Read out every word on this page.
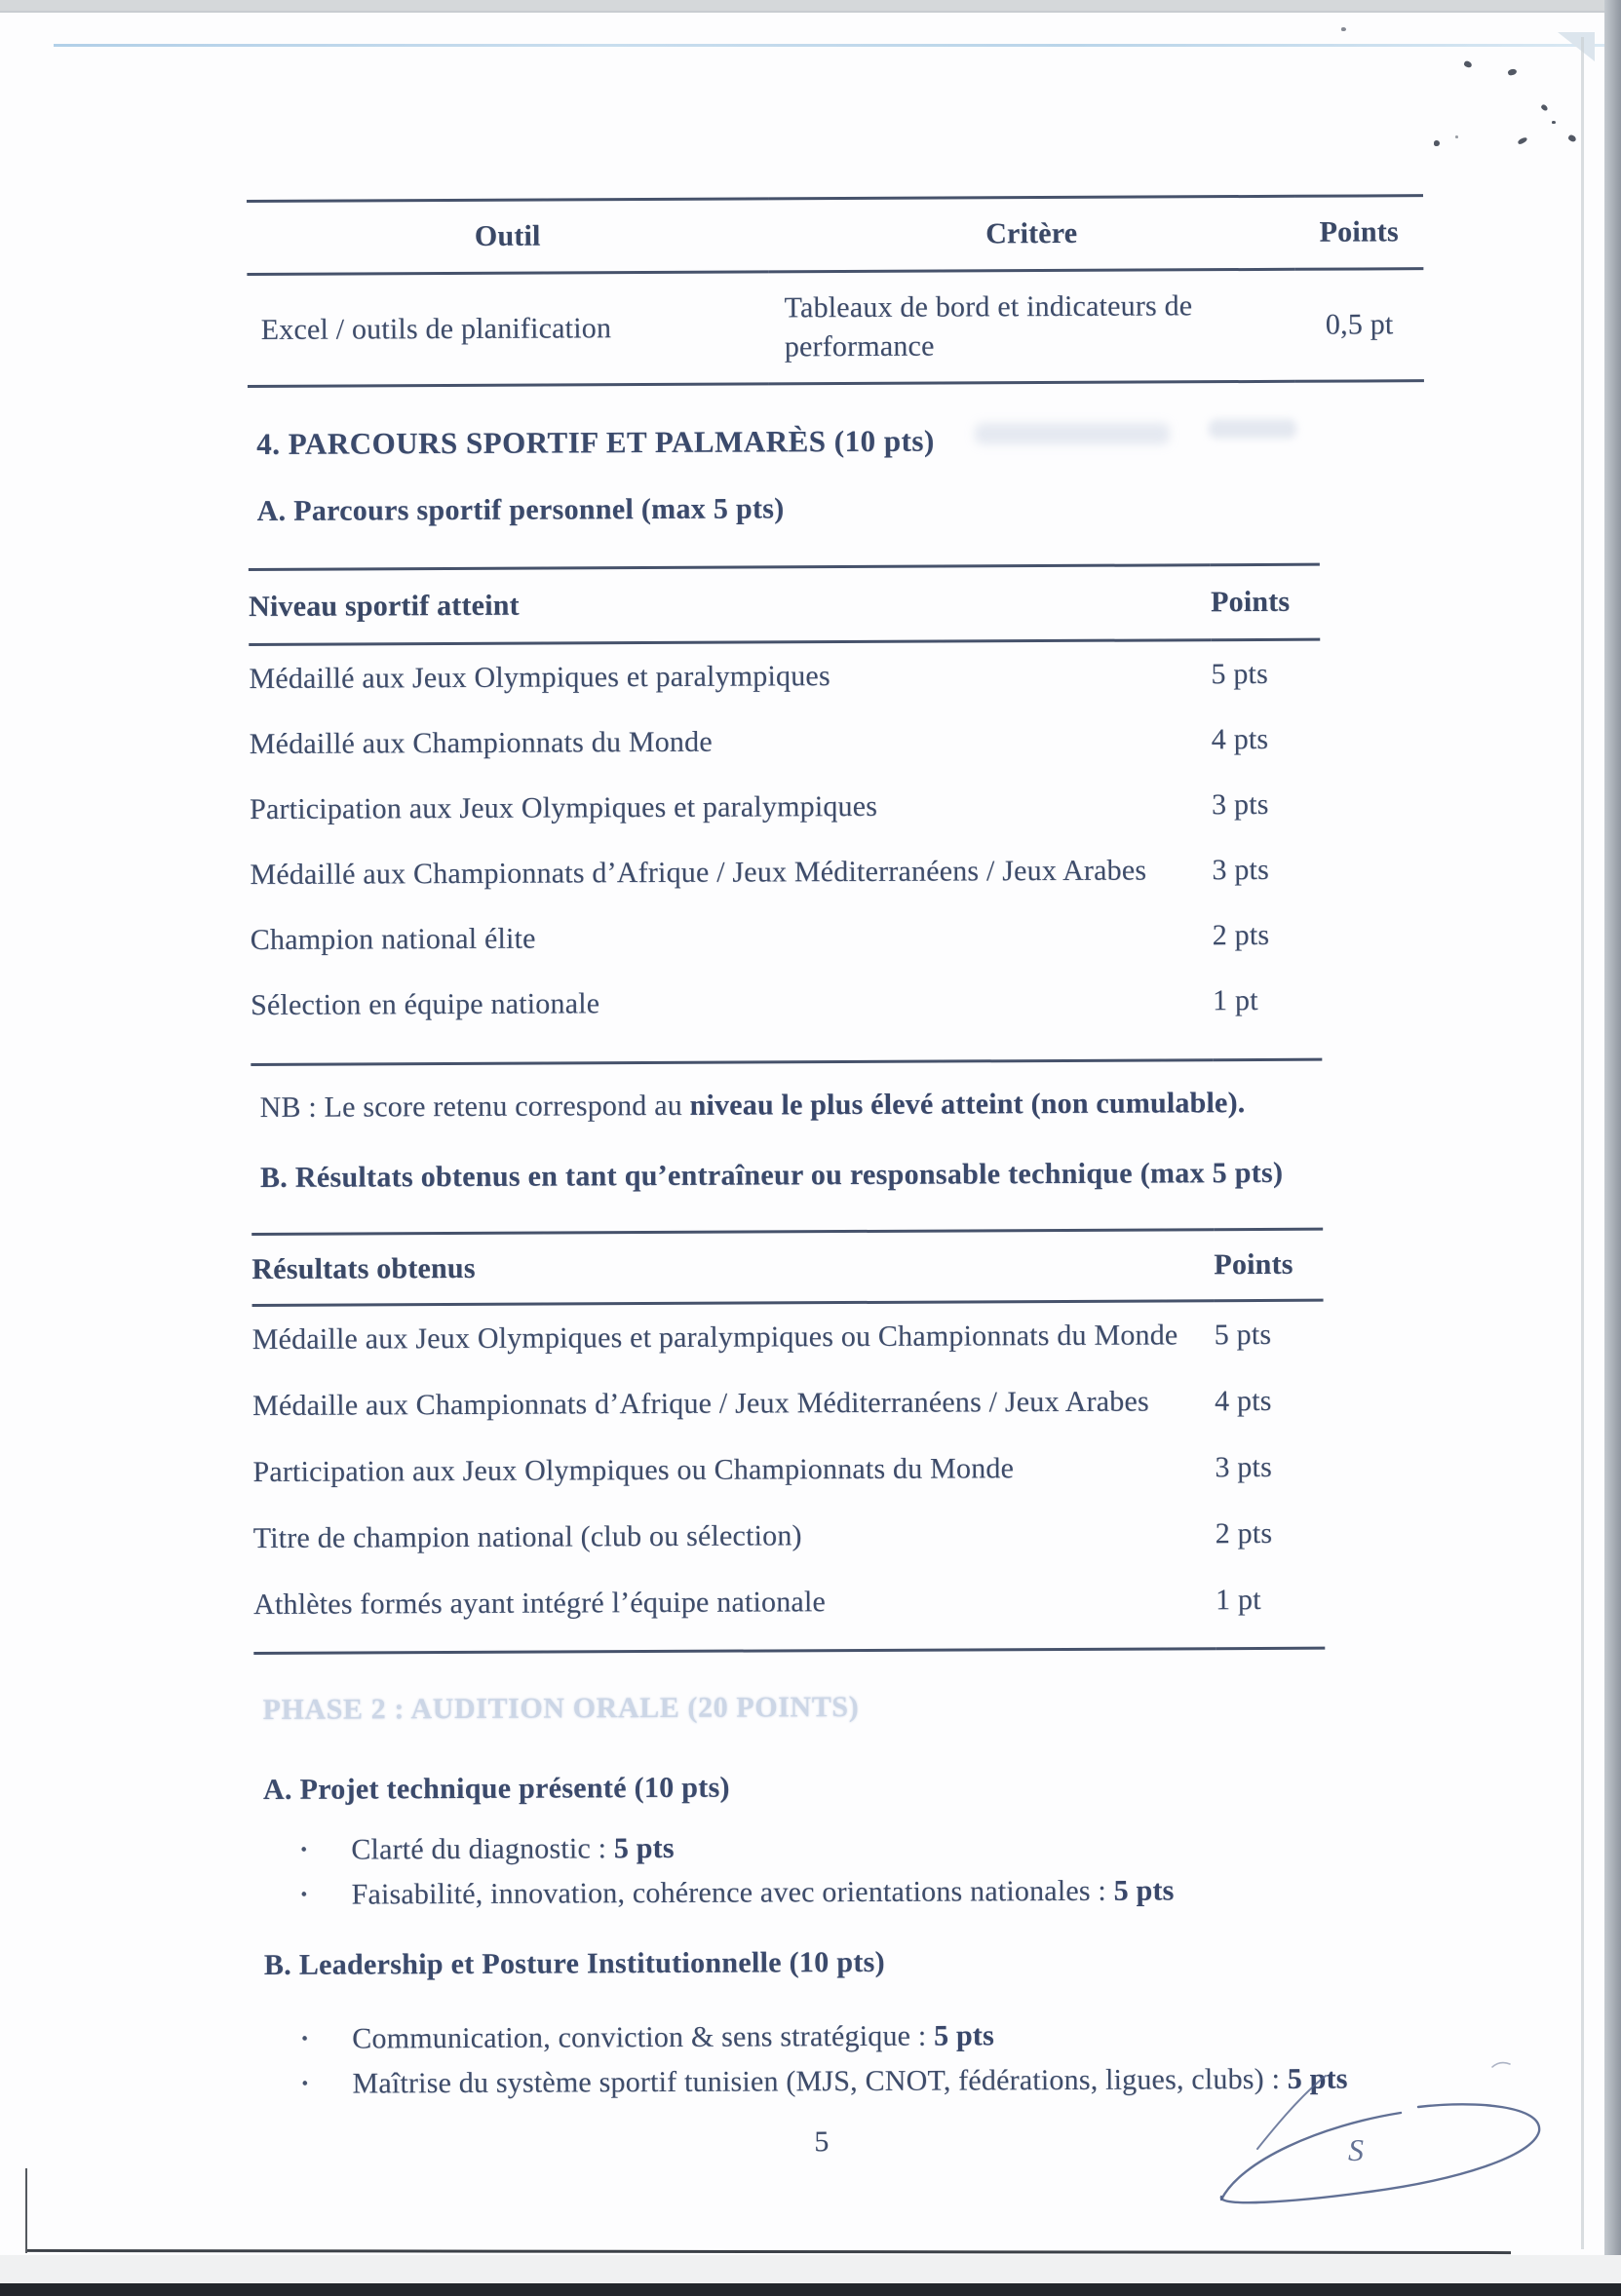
Outil	Critère	Points
Excel / outils de planification	Tableaux de bord et indicateurs de performance	0,5 pt
4. PARCOURS SPORTIF ET PALMARÈS (10 pts)
A. Parcours sportif personnel (max 5 pts)
Niveau sportif atteint	Points
Médaillé aux Jeux Olympiques et paralympiques	5 pts
Médaillé aux Championnats du Monde	4 pts
Participation aux Jeux Olympiques et paralympiques	3 pts
Médaillé aux Championnats d’Afrique / Jeux Méditerranéens / Jeux Arabes	3 pts
Champion national élite	2 pts
Sélection en équipe nationale	1 pt

NB : Le score retenu correspond au niveau le plus élevé atteint (non cumulable).

B. Résultats obtenus en tant qu’entraîneur ou responsable technique (max 5 pts)
Résultats obtenus	Points
Médaille aux Jeux Olympiques et paralympiques ou Championnats du Monde	5 pts
Médaille aux Championnats d’Afrique / Jeux Méditerranéens / Jeux Arabes	4 pts
Participation aux Jeux Olympiques ou Championnats du Monde	3 pts
Titre de champion national (club ou sélection)	2 pts
Athlètes formés ayant intégré l’équipe nationale	1 pt
PHASE 2 : AUDITION ORALE (20 POINTS)
A. Projet technique présenté (10 pts)
•	Clarté du diagnostic : 5 pts
•	Faisabilité, innovation, cohérence avec orientations nationales : 5 pts
B. Leadership et Posture Institutionnelle (10 pts)
•	Communication, conviction & sens stratégique : 5 pts
•	Maîtrise du système sportif tunisien (MJS, CNOT, fédérations, ligues, clubs) : 5 pts
5	S
